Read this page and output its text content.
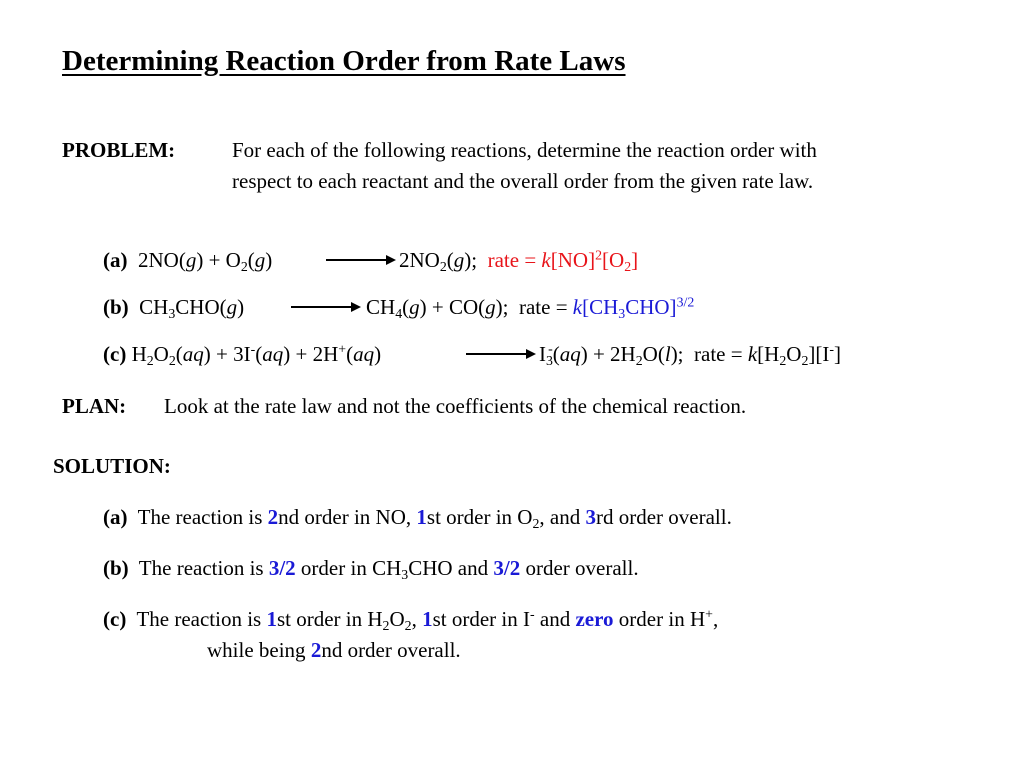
Determining Reaction Order from Rate Laws
PROBLEM:	For each of the following reactions, determine the reaction order with
respect to each reactant and the overall order from the given rate law.
(a) $2NO(g) + O_2(g)$	$2NO_2(g)$; rate = $k[NO]^2[O_2]$
(b) $CH_3CHO(g)$	$CH_4(g) + CO(g)$; rate = $k[CH_3CHO]^{3/2}$
(c) $H_2O_2(aq) + 3I^-(aq) + 2H^+(aq)$	$I_3^-(aq) + 2H_2O(l)$; rate = $k[H_2O_2][I^-]$
PLAN: Look at the rate law and not the coefficients of the chemical reaction.
SOLUTION:
(a) The reaction is 2nd order in NO, 1st order in $O_2$, and 3rd order overall.
(b) The reaction is 3/2 order in $CH_3CHO$ and 3/2 order overall.
(c) The reaction is 1st order in $H_2O_2$, 1st order in I- and zero order in H+,
while being 2nd order overall.
